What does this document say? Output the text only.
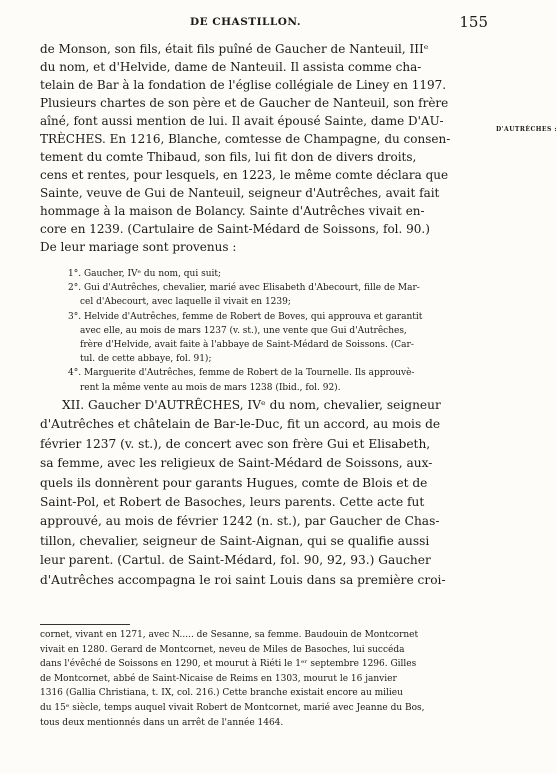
DE CHASTILLON.	155
D'AUTRÈCHES :
de Monson, son fils, était fils puîné de Gaucher de Nanteuil, IIIᵉ
du nom, et d'Helvide, dame de Nanteuil. Il assista comme cha-
telain de Bar à la fondation de l'église collégiale de Liney en 1197.
Plusieurs chartes de son père et de Gaucher de Nanteuil, son frère
aîné, font aussi mention de lui. Il avait épousé Sainte, dame D'AU-
TRÈCHES. En 1216, Blanche, comtesse de Champagne, du consen-
tement du comte Thibaud, son fils, lui fit don de divers droits,
cens et rentes, pour lesquels, en 1223, le même comte déclara que
Sainte, veuve de Gui de Nanteuil, seigneur d'Autrêches, avait fait
hommage à la maison de Bolancy. Sainte d'Autrêches vivait en-
core en 1239. (Cartulaire de Saint-Médard de Soissons, fol. 90.)
De leur mariage sont provenus :
1°. Gaucher, IVᵉ du nom, qui suit;
2°. Gui d'Autrêches, chevalier, marié avec Elisabeth d'Abecourt, fille de Mar-
cel d'Abecourt, avec laquelle il vivait en 1239;
3°. Helvide d'Autrêches, femme de Robert de Boves, qui approuva et garantit
avec elle, au mois de mars 1237 (v. st.), une vente que Gui d'Autrêches,
frère d'Helvide, avait faite à l'abbaye de Saint-Médard de Soissons. (Car-
tul. de cette abbaye, fol. 91);
4°. Marguerite d'Autrêches, femme de Robert de la Tournelle. Ils approuvè-
rent la même vente au mois de mars 1238 (Ibid., fol. 92).
XII. Gaucher D'AUTRÊCHES, IVᵉ du nom, chevalier, seigneur
d'Autrêches et châtelain de Bar-le-Duc, fit un accord, au mois de
février 1237 (v. st.), de concert avec son frère Gui et Elisabeth,
sa femme, avec les religieux de Saint-Médard de Soissons, aux-
quels ils donnèrent pour garants Hugues, comte de Blois et de
Saint-Pol, et Robert de Basoches, leurs parents. Cette acte fut
approuvé, au mois de février 1242 (n. st.), par Gaucher de Chas-
tillon, chevalier, seigneur de Saint-Aignan, qui se qualifie aussi
leur parent. (Cartul. de Saint-Médard, fol. 90, 92, 93.) Gaucher
d'Autrêches accompagna le roi saint Louis dans sa première croi-
cornet, vivant en 1271, avec N..... de Sesanne, sa femme. Baudouin de Montcornet
vivait en 1280. Gerard de Montcornet, neveu de Miles de Basoches, lui succéda
dans l'évêché de Soissons en 1290, et mourut à Riéti le 1ᵉʳ septembre 1296. Gilles
de Montcornet, abbé de Saint-Nicaise de Reims en 1303, mourut le 16 janvier
1316 (Gallia Christiana, t. IX, col. 216.) Cette branche existait encore au milieu
du 15ᵉ siècle, temps auquel vivait Robert de Montcornet, marié avec Jeanne du Bos,
tous deux mentionnés dans un arrêt de l'année 1464.
